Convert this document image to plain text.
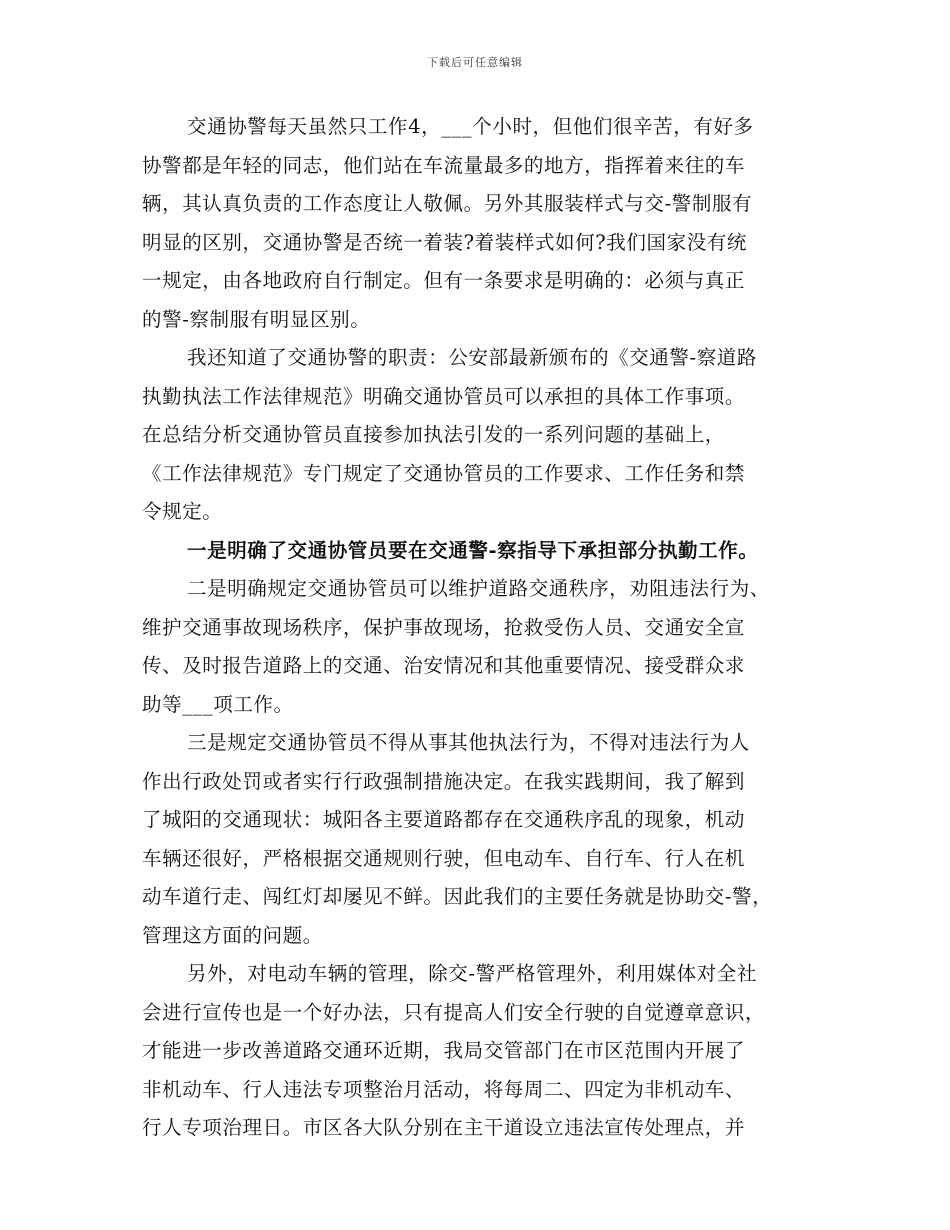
下载后可任意编辑
交通协警每天虽然只工作4，___个小时，但他们很辛苦，有好多
协警都是年轻的同志，他们站在车流量最多的地方，指挥着来往的车
辆，其认真负责的工作态度让人敬佩。另外其服装样式与交-警制服有
明显的区别，交通协警是否统一着装?着装样式如何?我们国家没有统
一规定，由各地政府自行制定。但有一条要求是明确的：必须与真正
的警-察制服有明显区别。
我还知道了交通协警的职责：公安部最新颁布的《交通警-察道路
执勤执法工作法律规范》明确交通协管员可以承担的具体工作事项。
在总结分析交通协管员直接参加执法引发的一系列问题的基础上，
《工作法律规范》专门规定了交通协管员的工作要求、工作任务和禁
令规定。
一是明确了交通协管员要在交通警-察指导下承担部分执勤工作。
二是明确规定交通协管员可以维护道路交通秩序，劝阻违法行为、
维护交通事故现场秩序，保护事故现场，抢救受伤人员、交通安全宣
传、及时报告道路上的交通、治安情况和其他重要情况、接受群众求
助等___项工作。
三是规定交通协管员不得从事其他执法行为，不得对违法行为人
作出行政处罚或者实行行政强制措施决定。在我实践期间，我了解到
了城阳的交通现状：城阳各主要道路都存在交通秩序乱的现象，机动
车辆还很好，严格根据交通规则行驶，但电动车、自行车、行人在机
动车道行走、闯红灯却屡见不鲜。因此我们的主要任务就是协助交-警，
管理这方面的问题。
另外，对电动车辆的管理，除交-警严格管理外，利用媒体对全社
会进行宣传也是一个好办法，只有提高人们安全行驶的自觉遵章意识，
才能进一步改善道路交通环近期，我局交管部门在市区范围内开展了
非机动车、行人违法专项整治月活动，将每周二、四定为非机动车、
行人专项治理日。市区各大队分别在主干道设立违法宣传处理点，并
